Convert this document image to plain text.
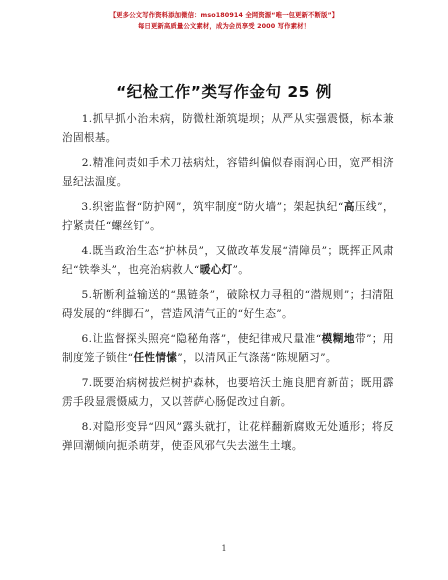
【更多公文写作资料添加微信：mso180914 全网资源“唯一包更新不断版”】
每日更新高质量公文素材，成为会员享受 2000 写作素材！
“纪检工作”类写作金句 25 例
1.抓早抓小治未病，防微杜渐筑堤坝；从严从实强震慑，标本兼治固根基。
2.精准问责如手术刀祛病灶，容错纠偏似春雨润心田，宽严相济显纪法温度。
3.织密监督“防护网”，筑牢制度“防火墙”；架起执纪“高压线”，拧紧责任“螺丝钉”。
4.既当政治生态“护林员”，又做改革发展“清障员”；既挥正风肃纪“铁拳头”，也亮治病救人“暖心灯”。
5.斩断利益输送的“黑链条”，破除权力寻租的“潜规则”；扫清阻碍发展的“绊脚石”，营造风清气正的“好生态”。
6.让监督探头照亮“隐秘角落”，使纪律戒尺量准“模糊地带”；用制度笼子锁住“任性情愫”，以清风正气涤荡“陈规陋习”。
7.既要治病树拔烂树护森林，也要培沃土施良肥育新苗；既用霹雳手段显震慑威力，又以菩萨心肠促改过自新。
8.对隐形变异“四风”露头就打，让花样翻新腐败无处遁形；将反弹回潮倾向扼杀萌芽，使歪风邪气失去滋生土壤。
1
